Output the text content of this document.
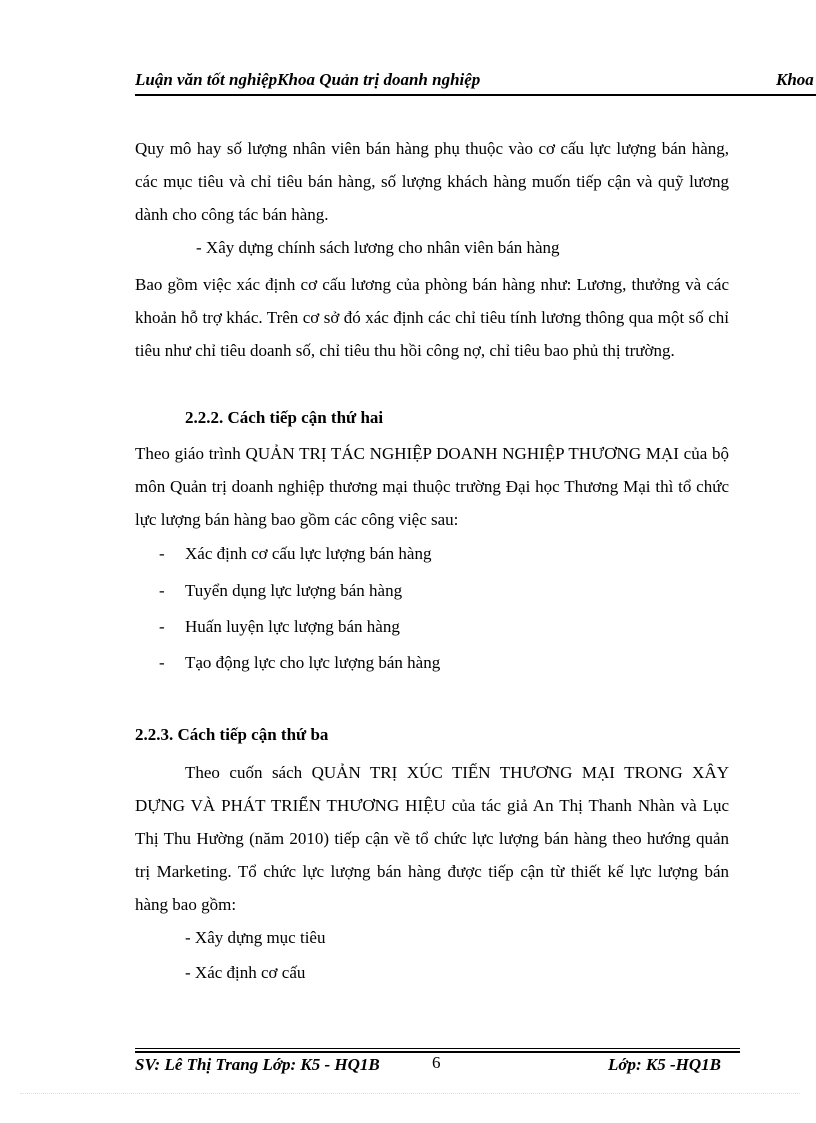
Luận văn tốt nghiệpKhoa Quản trị doanh nghiệp	Khoa

Quy mô hay số lượng nhân viên bán hàng phụ thuộc vào cơ cấu lực lượng bán hàng, các mục tiêu và chỉ tiêu bán hàng, số lượng khách hàng muốn tiếp cận và quỹ lương dành cho công tác bán hàng.

- Xây dựng chính sách lương cho nhân viên bán hàng

Bao gồm việc xác định cơ cấu lương của phòng bán hàng như: Lương, thưởng và các khoản hỗ trợ khác. Trên cơ sở đó xác định các chỉ tiêu tính lương thông qua một số chỉ tiêu như chỉ tiêu doanh số, chỉ tiêu thu hồi công nợ, chỉ tiêu bao phủ thị trường.

2.2.2. Cách tiếp cận thứ hai

Theo giáo trình QUẢN TRỊ TÁC NGHIỆP DOANH NGHIỆP THƯƠNG MẠI của bộ môn Quản trị doanh nghiệp thương mại thuộc trường Đại học Thương Mại thì tổ chức lực lượng bán hàng bao gồm các công việc sau:

- Xác định cơ cấu lực lượng bán hàng
- Tuyển dụng lực lượng bán hàng
- Huấn luyện lực lượng bán hàng
- Tạo động lực cho lực lượng bán hàng
2.2.3. Cách tiếp cận thứ ba

Theo cuốn sách QUẢN TRỊ XÚC TIẾN THƯƠNG MẠI TRONG XÂY DỰNG VÀ PHÁT TRIỂN THƯƠNG HIỆU của tác giả An Thị Thanh Nhàn và Lục Thị Thu Hường (năm 2010) tiếp cận về tổ chức lực lượng bán hàng theo hướng quản trị Marketing. Tổ chức lực lượng bán hàng được tiếp cận từ thiết kế lực lượng bán hàng bao gồm:

- Xây dựng mục tiêu
- Xác định cơ cấu
SV: Lê Thị Trang Lớp: K5 - HQ1B	6	Lớp: K5 -HQ1B
